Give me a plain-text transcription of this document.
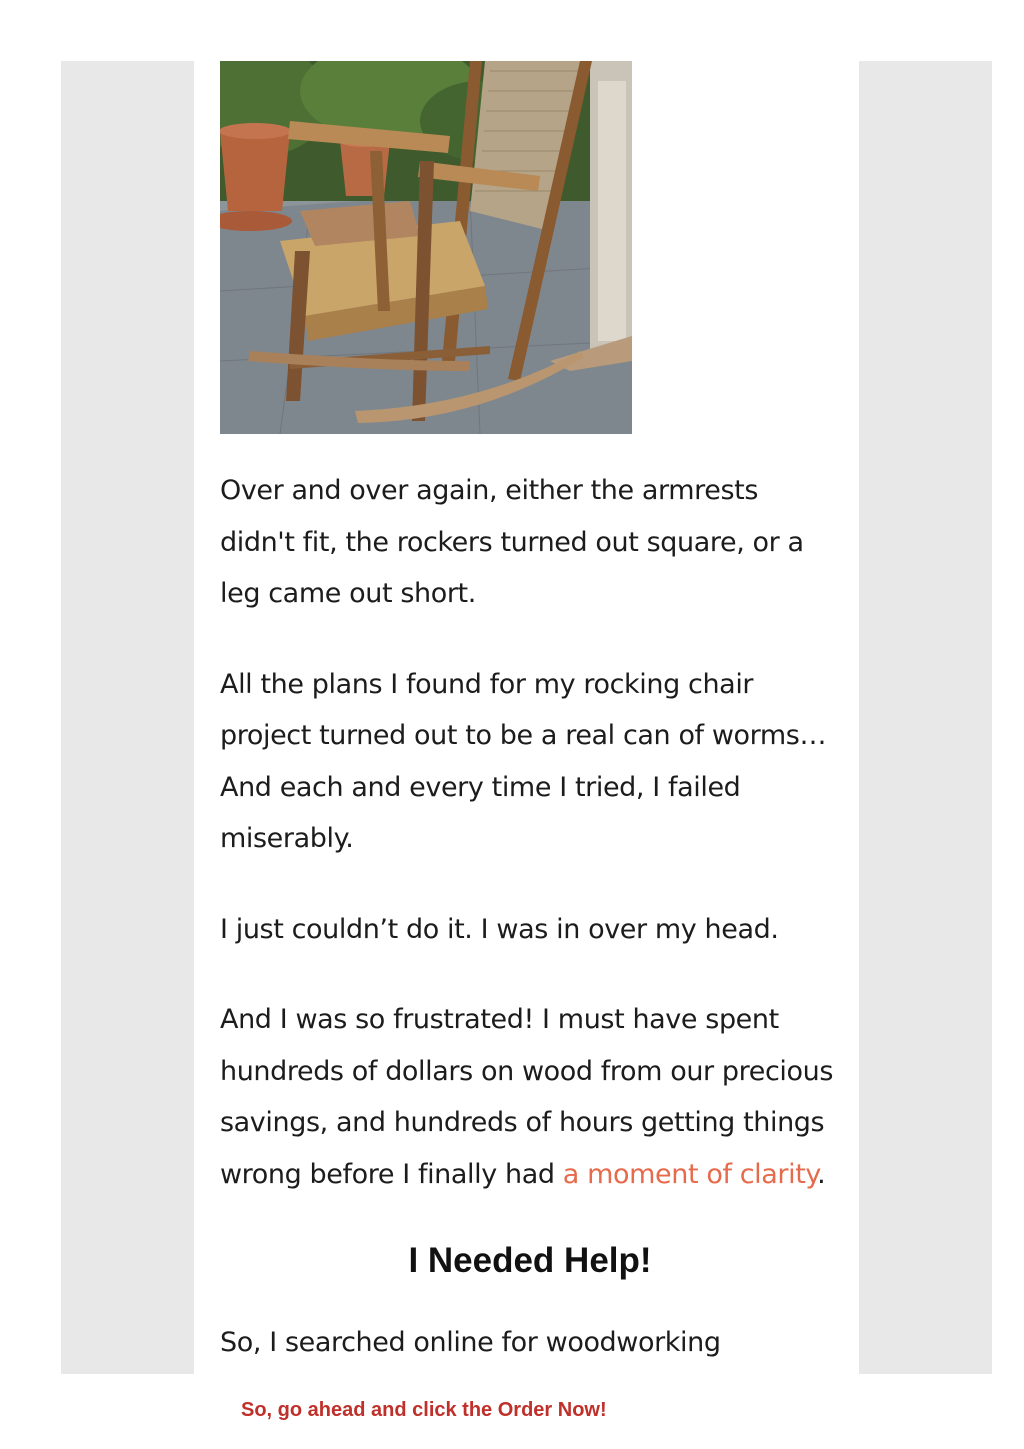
Over and over again, either the armrests didn't fit, the rockers turned out square, or a leg came out short.

All the plans I found for my rocking chair project turned out to be a real can of worms… And each and every time I tried, I failed miserably.

I just couldn’t do it. I was in over my head.

And I was so frustrated! I must have spent hundreds of dollars on wood from our precious savings, and hundreds of hours getting things wrong before I finally had a moment of clarity.

I Needed Help!

So, I searched online for woodworking

So, go ahead and click the Order Now!
